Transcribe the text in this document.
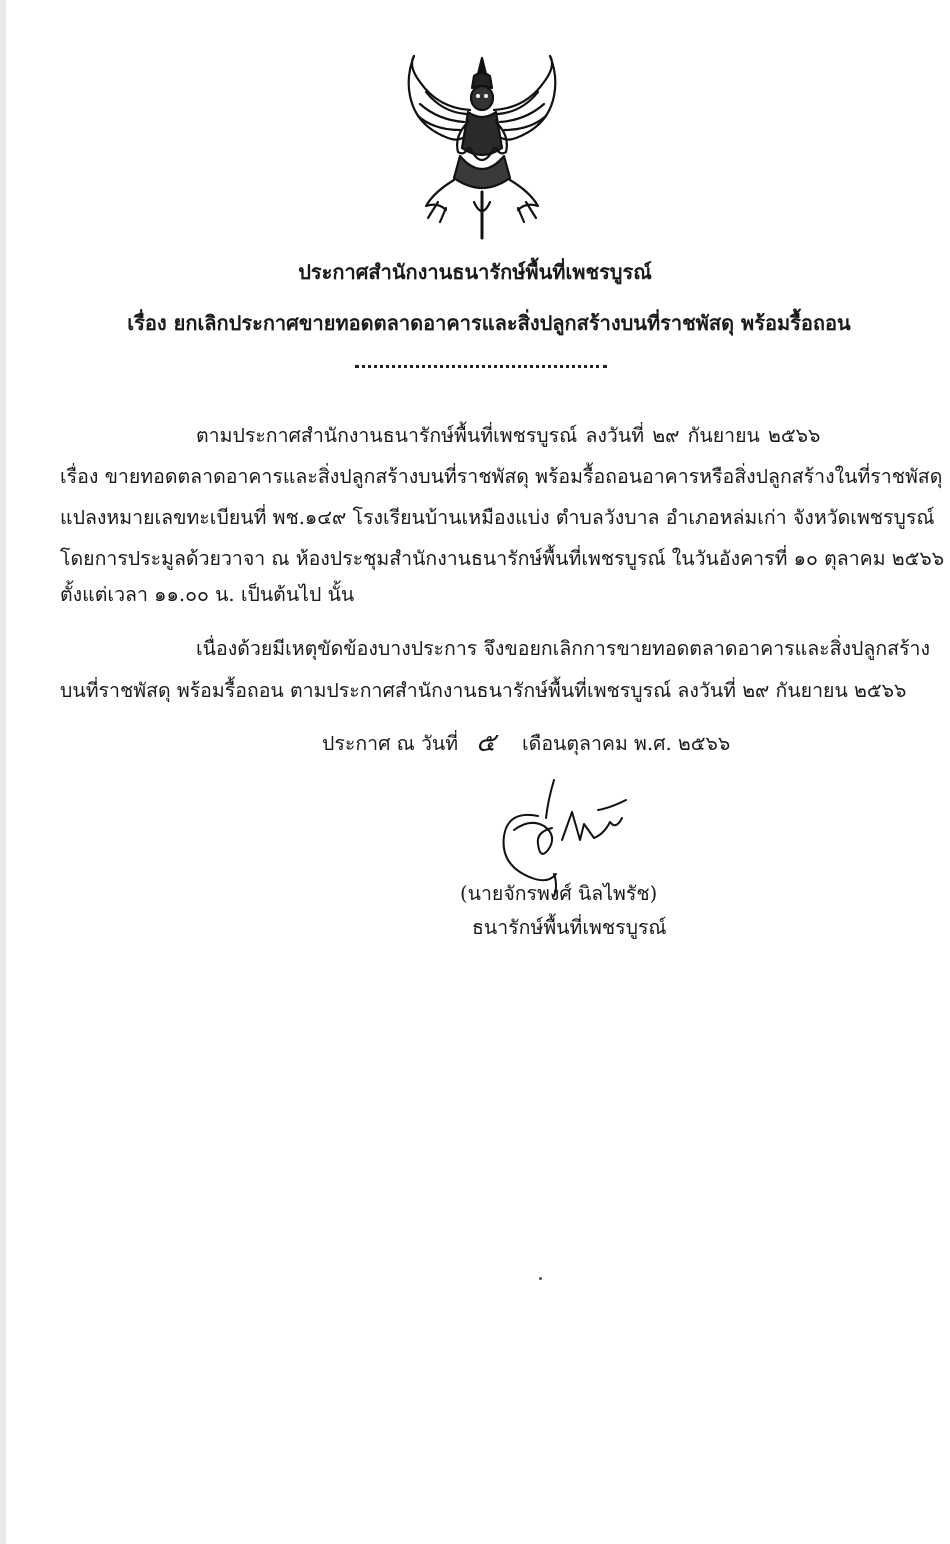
ประกาศสำนักงานธนารักษ์พื้นที่เพชรบูรณ์
เรื่อง ยกเลิกประกาศขายทอดตลาดอาคารและสิ่งปลูกสร้างบนที่ราชพัสดุ พร้อมรื้อถอน
ตามประกาศสำนักงานธนารักษ์พื้นที่เพชรบูรณ์ ลงวันที่ ๒๙ กันยายน ๒๕๖๖
เรื่อง ขายทอดตลาดอาคารและสิ่งปลูกสร้างบนที่ราชพัสดุ พร้อมรื้อถอนอาคารหรือสิ่งปลูกสร้างในที่ราชพัสดุ
แปลงหมายเลขทะเบียนที่ พช.๑๔๙ โรงเรียนบ้านเหมืองแบ่ง ตำบลวังบาล อำเภอหล่มเก่า จังหวัดเพชรบูรณ์
โดยการประมูลด้วยวาจา ณ ห้องประชุมสำนักงานธนารักษ์พื้นที่เพชรบูรณ์ ในวันอังคารที่ ๑๐ ตุลาคม ๒๕๖๖
ตั้งแต่เวลา ๑๑.๐๐ น. เป็นต้นไป นั้น
เนื่องด้วยมีเหตุขัดข้องบางประการ จึงขอยกเลิกการขายทอดตลาดอาคารและสิ่งปลูกสร้าง
บนที่ราชพัสดุ พร้อมรื้อถอน ตามประกาศสำนักงานธนารักษ์พื้นที่เพชรบูรณ์ ลงวันที่ ๒๙ กันยายน ๒๕๖๖
ประกาศ ณ วันที่ ๕ เดือนตุลาคม พ.ศ. ๒๕๖๖
(นายจักรพงศ์ นิลไพรัช)
ธนารักษ์พื้นที่เพชรบูรณ์
